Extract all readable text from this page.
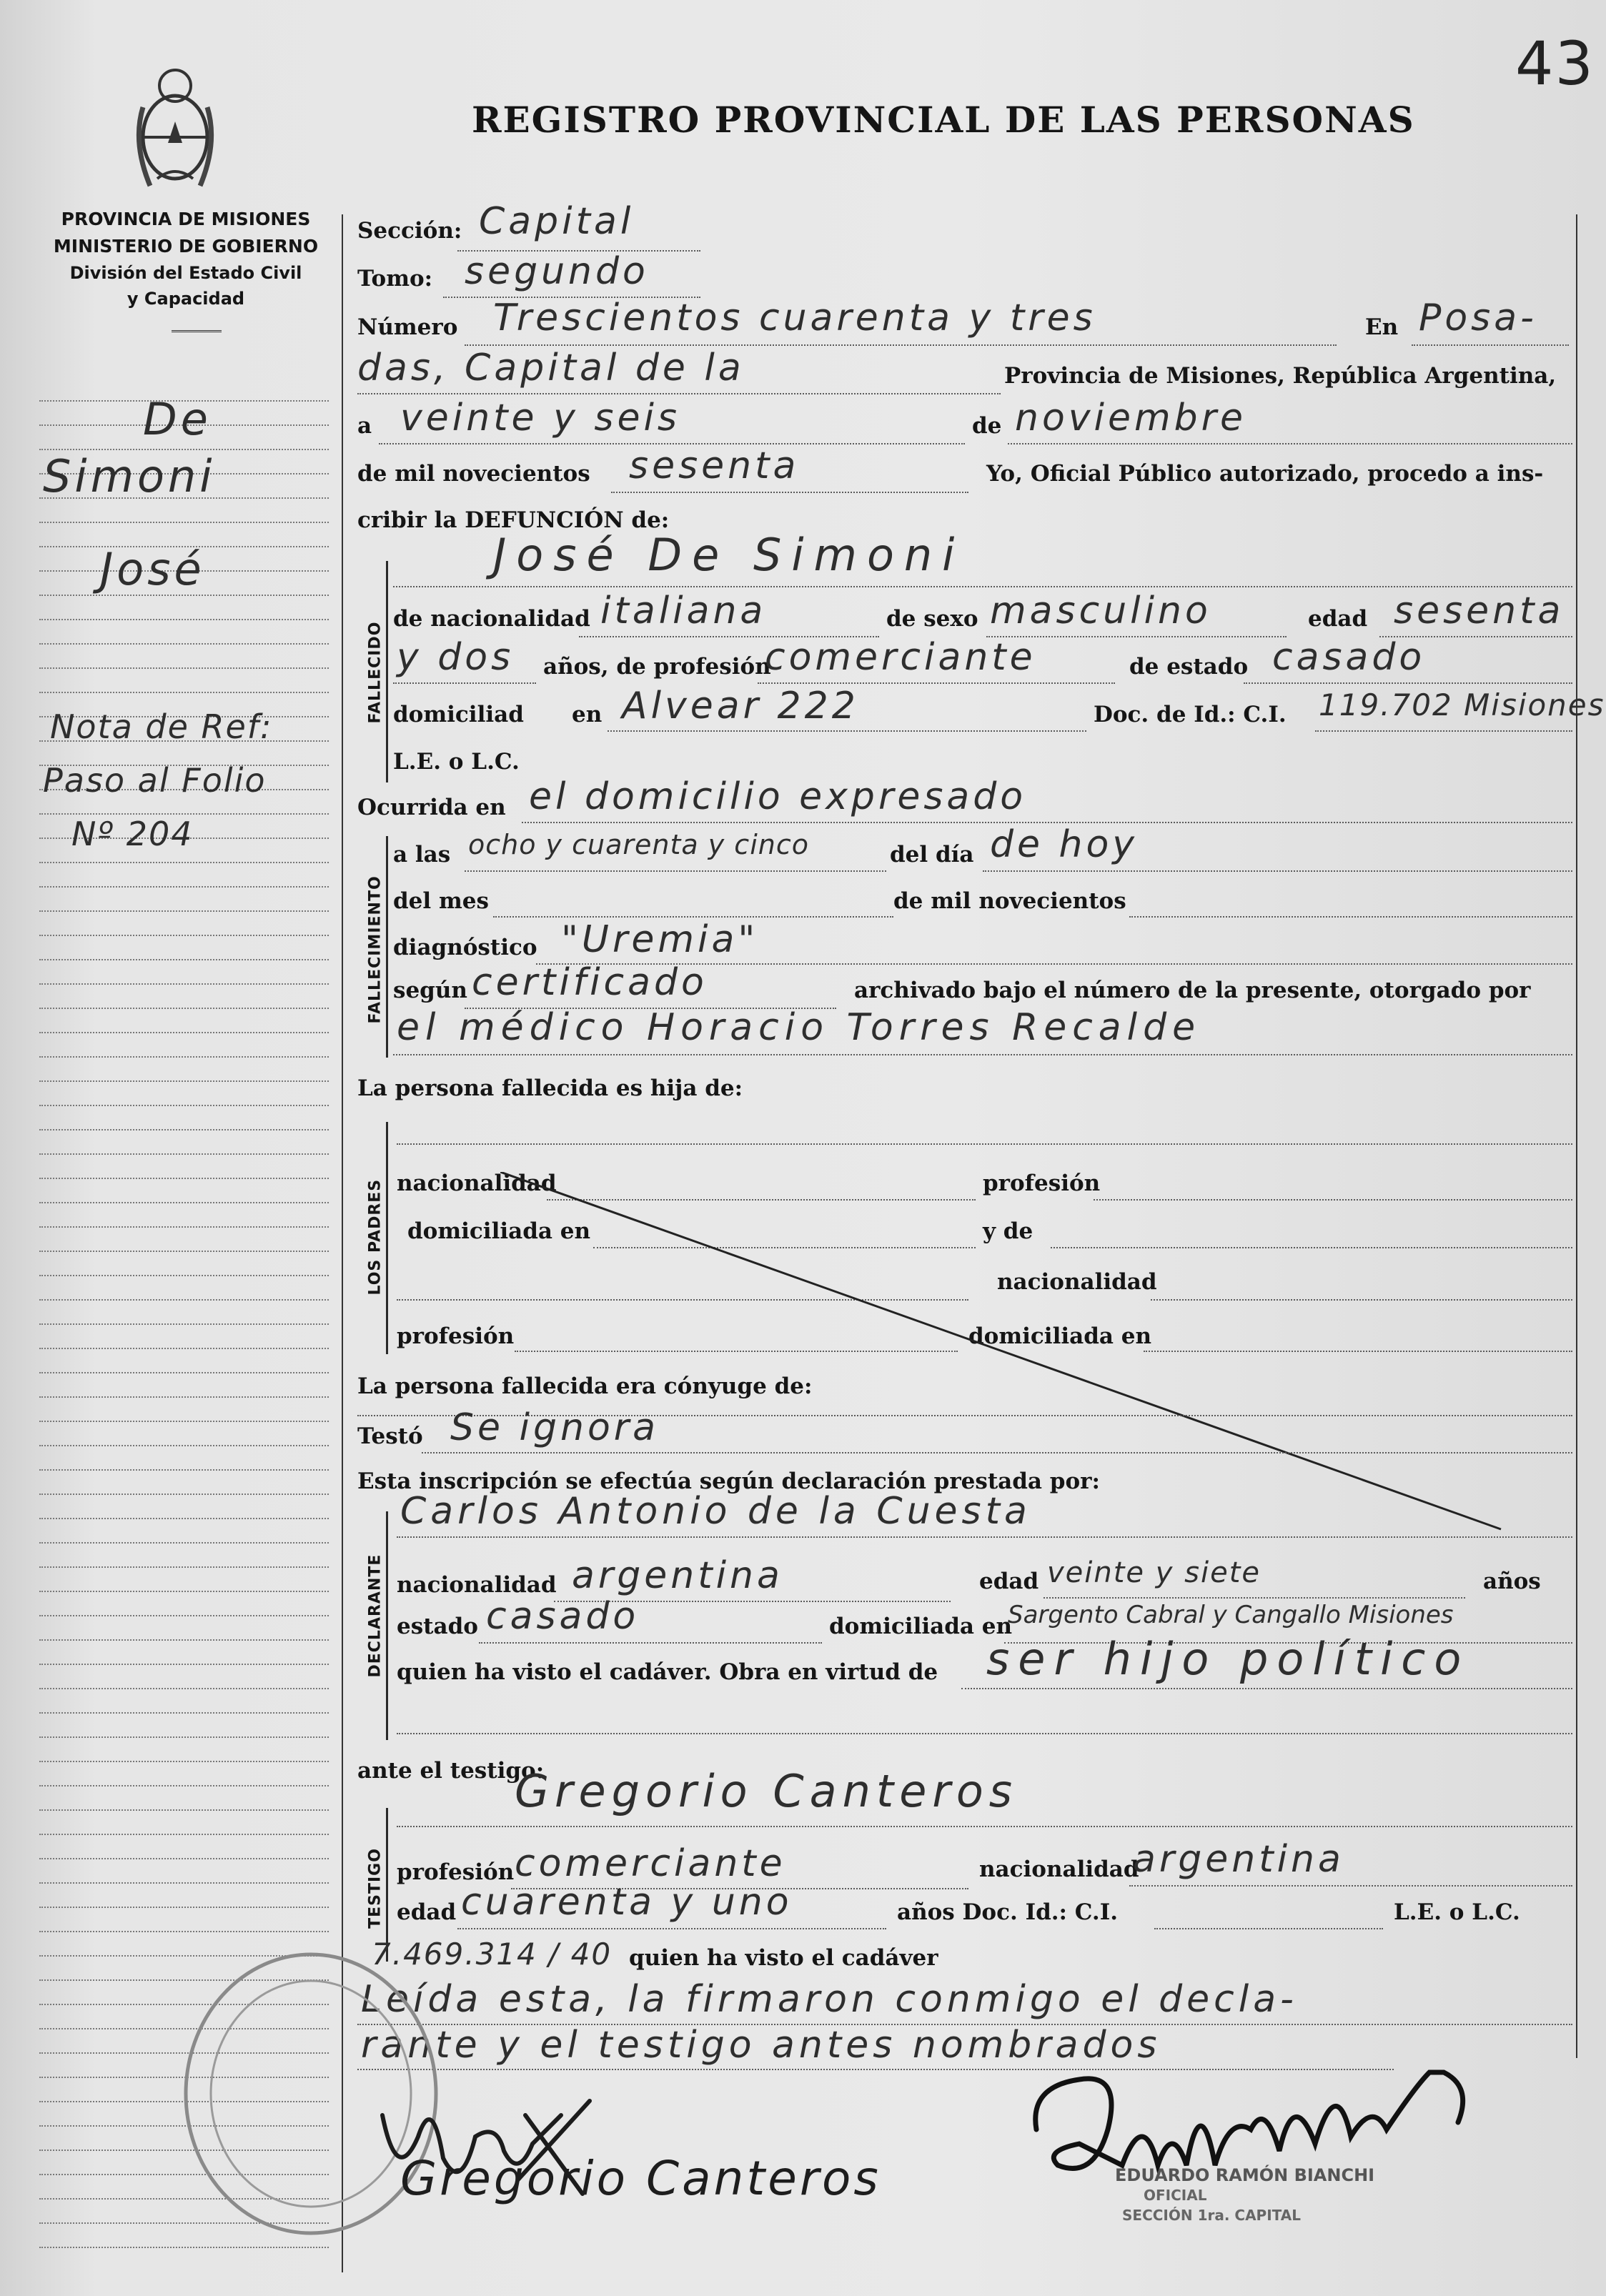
43
REGISTRO PROVINCIAL DE LAS PERSONAS
PROVINCIA DE MISIONES
MINISTERIO DE GOBIERNO
División del Estado Civil
y Capacidad
De
Simoni
José
Nota de Ref:
Paso al Folio
Nº 204
Sección: Capital
Tomo: segundo
Número Trescientos cuarenta y tres	En Posa-
das, Capital de la	Provincia de Misiones, República Argentina,
a veinte y seis	de noviembre
de mil novecientos sesenta	Yo, Oficial Público autorizado, procedo a ins-
cribir la DEFUNCIÓN de:
FALLECIDO
José De Simoni
de nacionalidad italiana	de sexo masculino	edad sesenta
y dos años, de profesión
comerciante	de estado casado
domiciliad en Alvear 222	Doc. de Id.: C.I. 119.702 Misiones
L.E. o L.C.
Ocurrida en el domicilio expresado
FALLECIMIENTO
a las ocho y cuarenta y cinco	del día de hoy
del mes	de mil novecientos
diagnóstico "Uremia"
según certificado	archivado bajo el número de la presente, otorgado por
el médico Horacio Torres Recalde
La persona fallecida es hija de:
LOS PADRES nacionalidad	profesión
domiciliada en	y de
nacionalidad
profesión	domiciliada en
La persona fallecida era cónyuge de:
Testó Se ignora
Esta inscripción se efectúa según declaración prestada por:
DECLARANTE
Carlos Antonio de la Cuesta
nacionalidad argentina	edad veinte y siete	años
estado casado	domiciliada en
Sargento Cabral y Cangallo Misiones
quien ha visto el cadáver. Obra en virtud de ser hijo político
ante el testigo:
TESTIGO
Gregorio Canteros
profesión comerciante	nacionalidad
argentina
edad cuarenta y uno	años Doc. Id.: C.I.	L.E. o L.C.
7.469.314 / 40 quien ha visto el cadáver
Leída esta, la firmaron conmigo el decla-
rante y el testigo antes nombrados
Gregorio Canteros	EDUARDO RAMÓN BIANCHI
OFICIAL
SECCIÓN 1ra. CAPITAL
